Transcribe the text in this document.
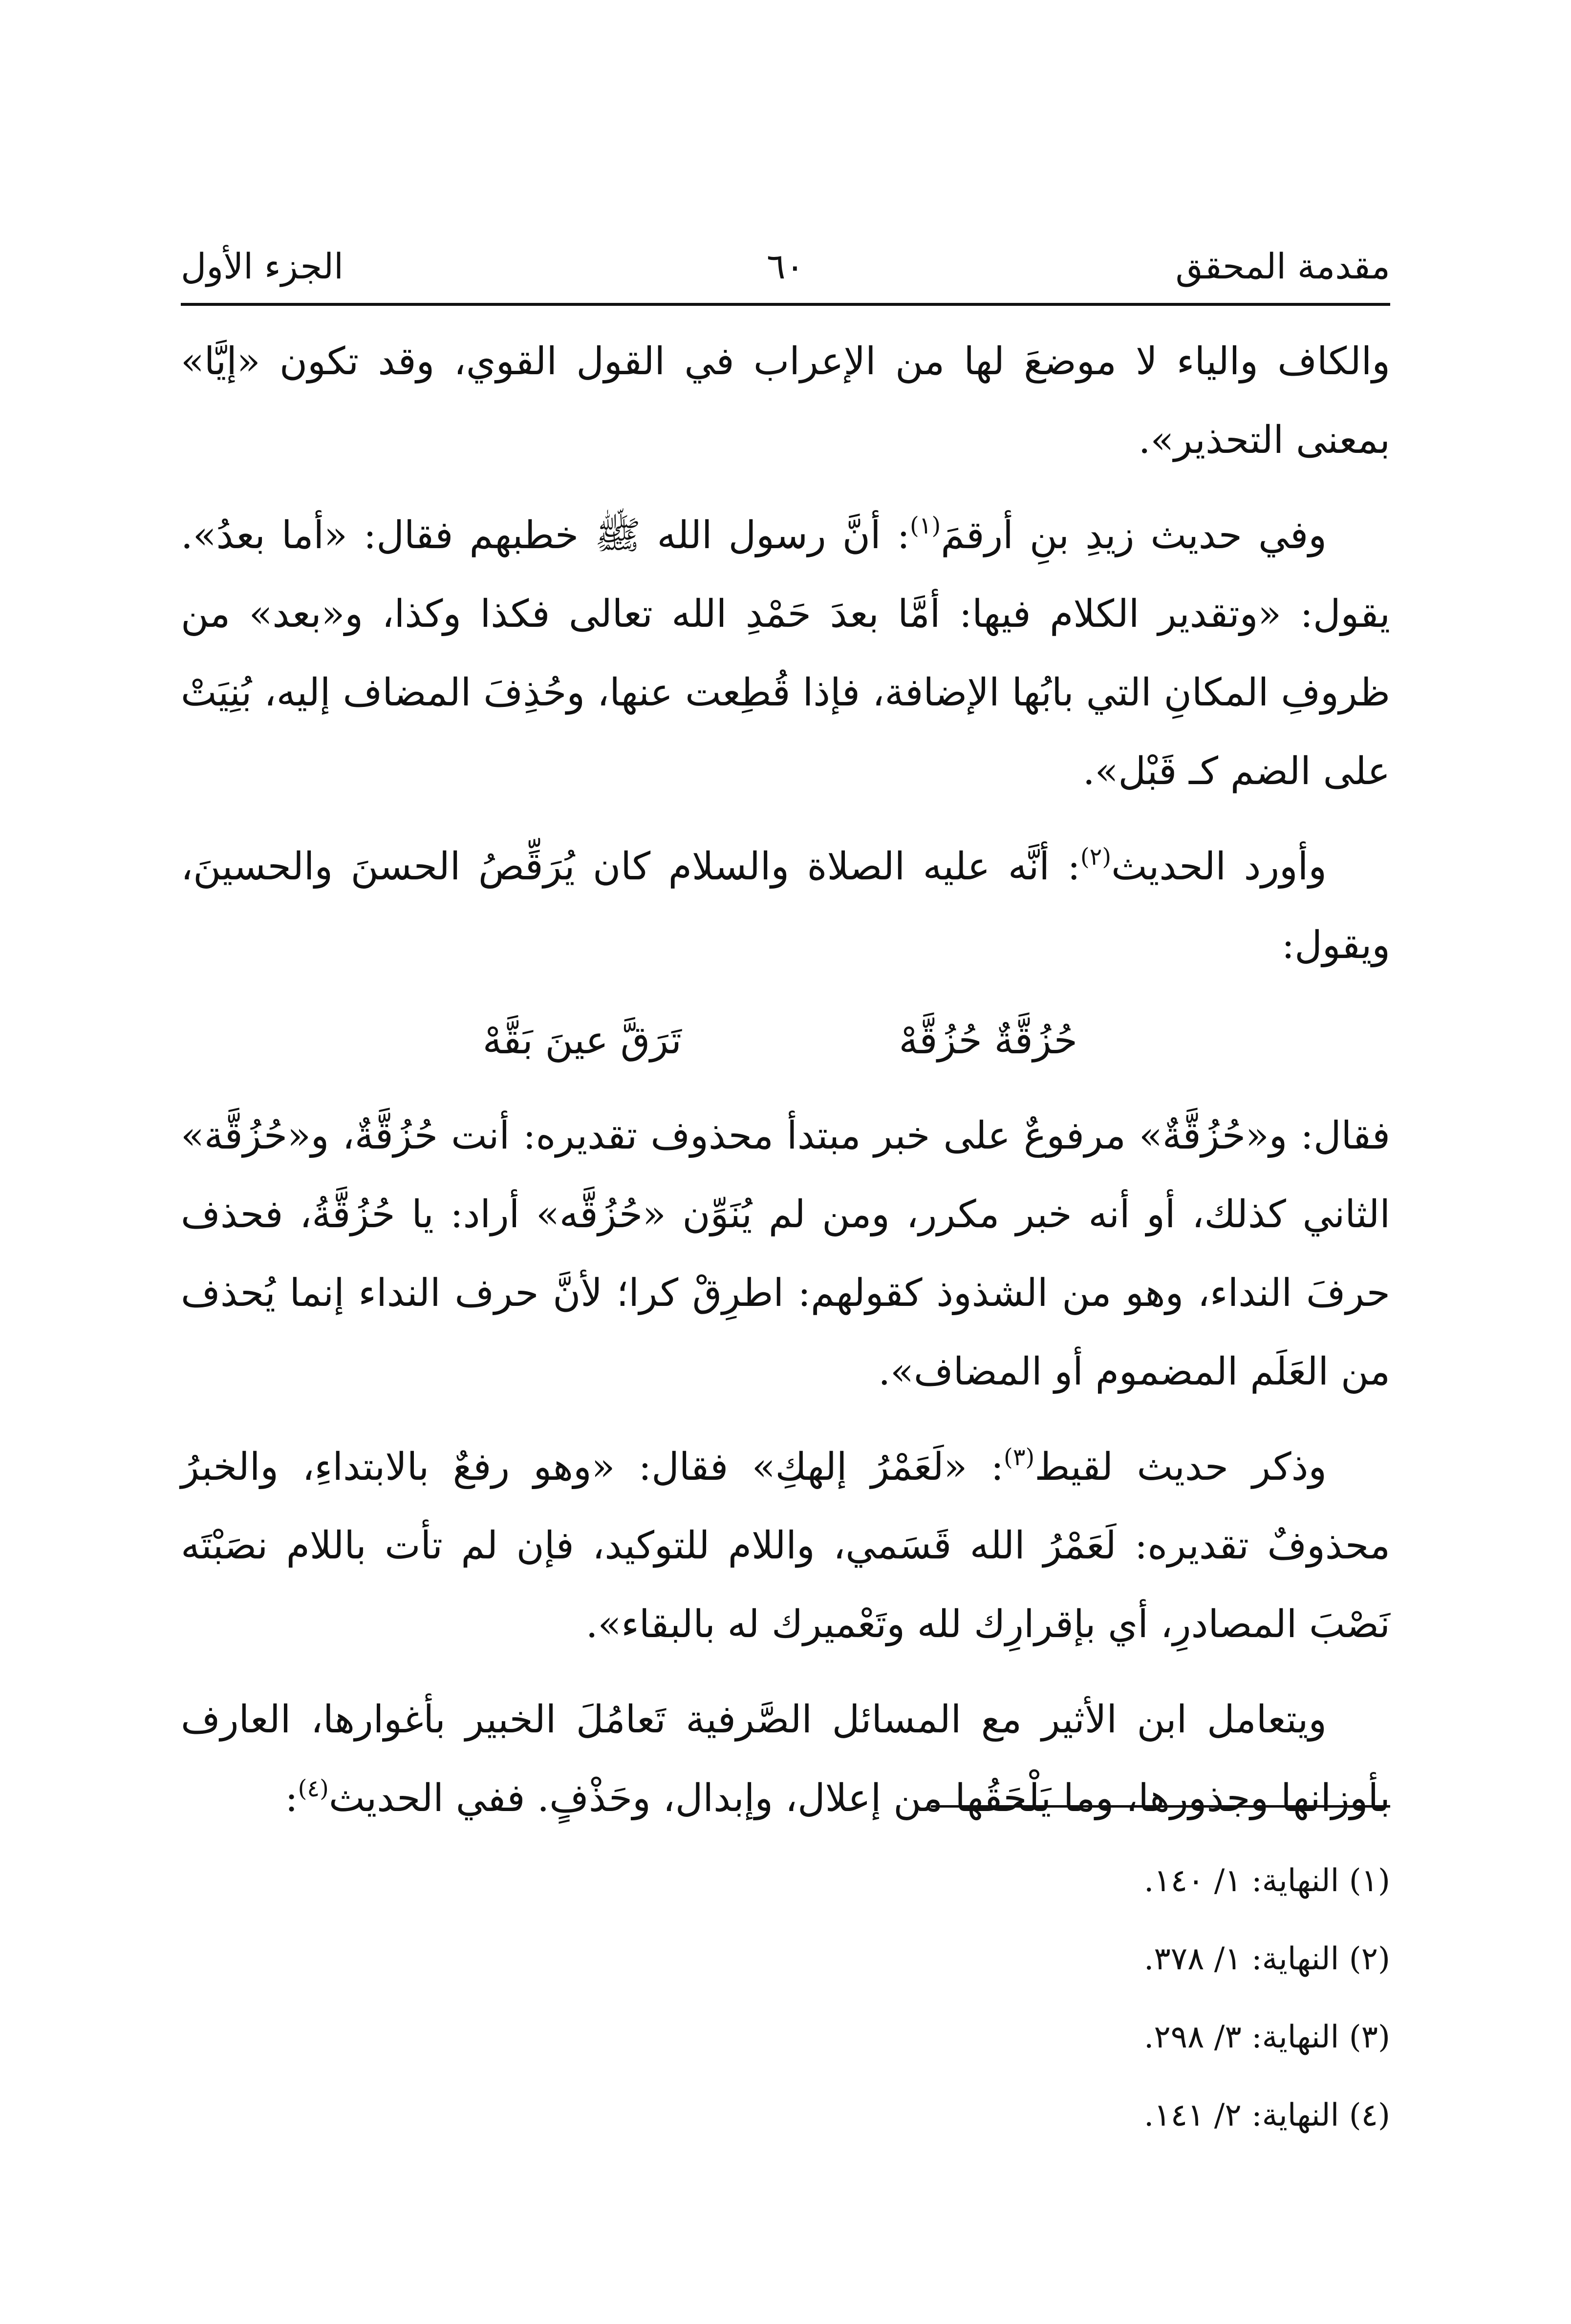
مقدمة المحقق
٦٠
الجزء الأول

والكاف والياء لا موضعَ لها من الإعراب في القول القوي، وقد تكون «إيَّا» بمعنى التحذير».

وفي حديث زيدِ بنِ أرقمَ$^{(١)}$: أنَّ رسول الله ﷺ خطبهم فقال: «أما بعدُ». يقول: «وتقدير الكلام فيها: أمَّا بعدَ حَمْدِ الله تعالى فكذا وكذا، و«بعد» من ظروفِ المكانِ التي بابُها الإضافة، فإذا قُطِعت عنها، وحُذِفَ المضاف إليه، بُنِيَتْ على الضم كـ قَبْل».

وأورد الحديث$^{(٢)}$: أنَّه عليه الصلاة والسلام كان يُرَقِّصُ الحسنَ والحسينَ، ويقول:

حُزُقَّةٌ حُزُقَّهْ
تَرَقَّ عينَ بَقَّهْ

فقال: و«حُزُقَّةٌ» مرفوعٌ على خبر مبتدأ محذوف تقديره: أنت حُزُقَّةٌ، و«حُزُقَّة» الثاني كذلك، أو أنه خبر مكرر، ومن لم يُنَوِّن «حُزُقَّه» أراد: يا حُزُقَّةُ، فحذف حرفَ النداء، وهو من الشذوذ كقولهم: اطرِقْ كرا؛ لأنَّ حرف النداء إنما يُحذف من العَلَم المضموم أو المضاف».

وذكر حديث لقيط$^{(٣)}$: «لَعَمْرُ إلهكِ» فقال: «وهو رفعٌ بالابتداءِ، والخبرُ محذوفٌ تقديره: لَعَمْرُ الله قَسَمي، واللام للتوكيد، فإن لم تأت باللام نصَبْتَه نَصْبَ المصادرِ، أي بإقرارِك لله وتَعْميرك له بالبقاء».

ويتعامل ابن الأثير مع المسائل الصَّرفية تَعامُلَ الخبير بأغوارها، العارف بأوزانها وجذورها، وما يَلْحَقُها من إعلال، وإبدال، وحَذْفٍ. ففي الحديث$^{(٤)}$:

(١) النهاية: ١/ ١٤٠.
(٢) النهاية: ١/ ٣٧٨.
(٣) النهاية: ٣/ ٢٩٨.
(٤) النهاية: ٢/ ١٤١.
